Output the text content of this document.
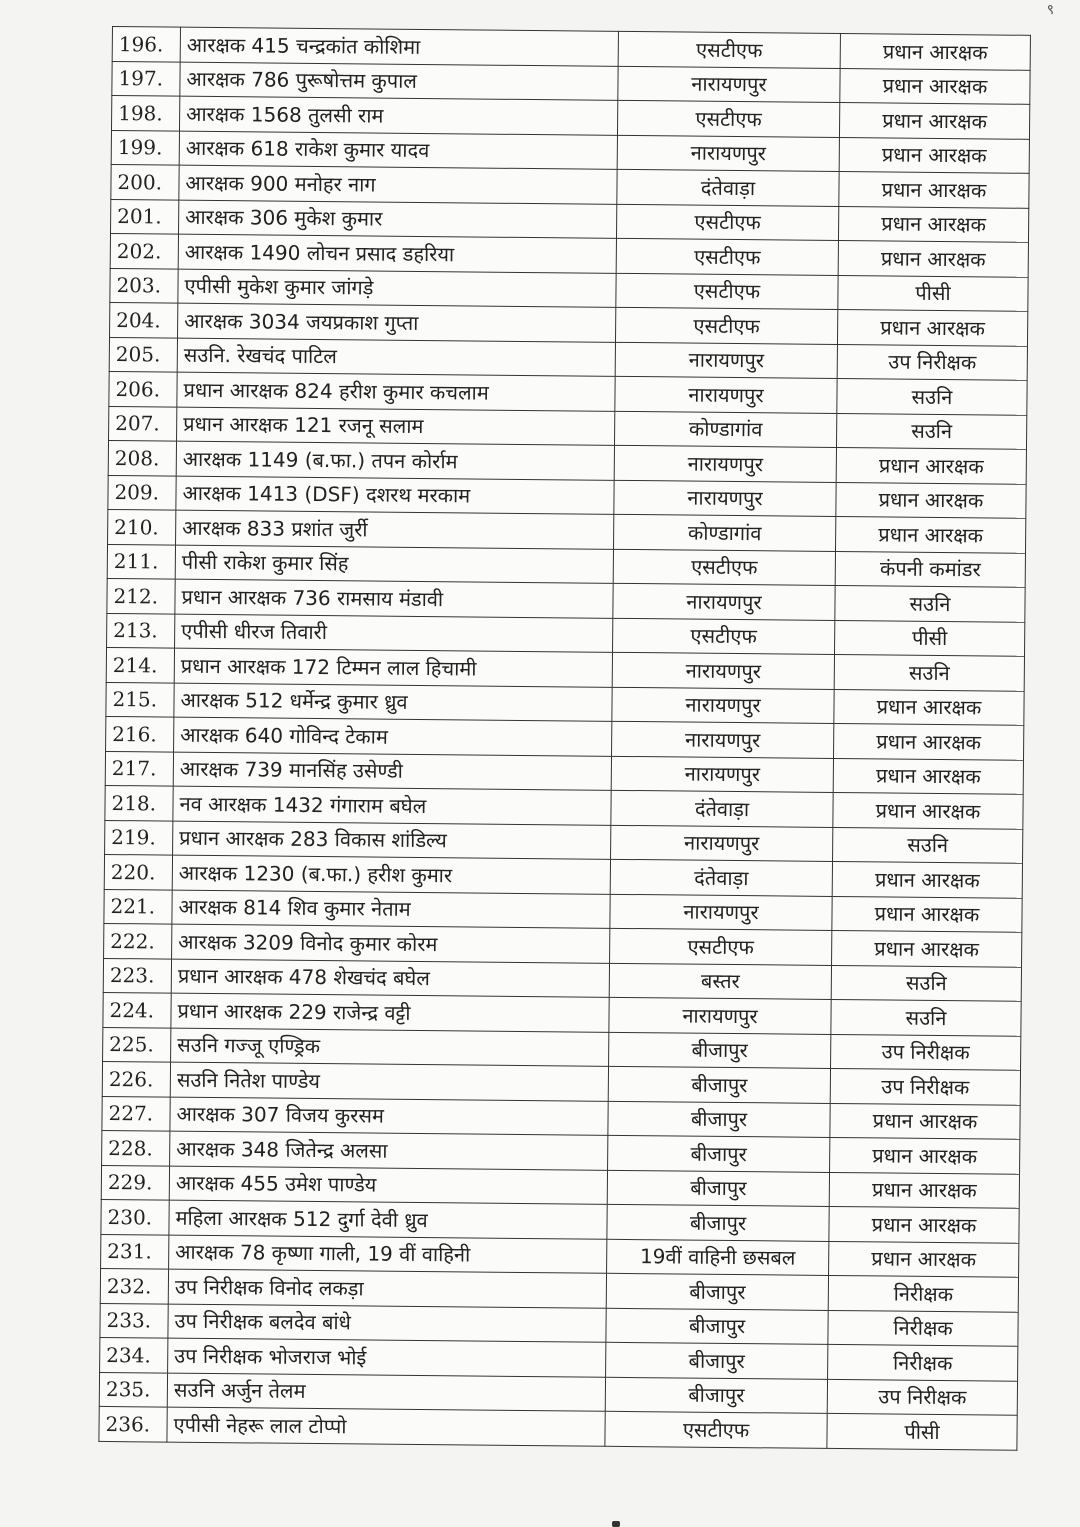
९
196.	आरक्षक 415 चन्द्रकांत कोशिमा	एसटीएफ	प्रधान आरक्षक
197.	आरक्षक 786 पुरूषोत्तम कुपाल	नारायणपुर	प्रधान आरक्षक
198.	आरक्षक 1568 तुलसी राम	एसटीएफ	प्रधान आरक्षक
199.	आरक्षक 618 राकेश कुमार यादव	नारायणपुर	प्रधान आरक्षक
200.	आरक्षक 900 मनोहर नाग	दंतेवाड़ा	प्रधान आरक्षक
201.	आरक्षक 306 मुकेश कुमार	एसटीएफ	प्रधान आरक्षक
202.	आरक्षक 1490 लोचन प्रसाद डहरिया	एसटीएफ	प्रधान आरक्षक
203.	एपीसी मुकेश कुमार जांगड़े	एसटीएफ	पीसी
204.	आरक्षक 3034 जयप्रकाश गुप्ता	एसटीएफ	प्रधान आरक्षक
205.	सउनि. रेखचंद पाटिल	नारायणपुर	उप निरीक्षक
206.	प्रधान आरक्षक 824 हरीश कुमार कचलाम	नारायणपुर	सउनि
207.	प्रधान आरक्षक 121 रजनू सलाम	कोण्डागांव	सउनि
208.	आरक्षक 1149 (ब.फा.) तपन कोर्राम	नारायणपुर	प्रधान आरक्षक
209.	आरक्षक 1413 (DSF) दशरथ मरकाम	नारायणपुर	प्रधान आरक्षक
210.	आरक्षक 833 प्रशांत जुर्री	कोण्डागांव	प्रधान आरक्षक
211.	पीसी राकेश कुमार सिंह	एसटीएफ	कंपनी कमांडर
212.	प्रधान आरक्षक 736 रामसाय मंडावी	नारायणपुर	सउनि
213.	एपीसी धीरज तिवारी	एसटीएफ	पीसी
214.	प्रधान आरक्षक 172 टिम्मन लाल हिचामी	नारायणपुर	सउनि
215.	आरक्षक 512 धर्मेन्द्र कुमार ध्रुव	नारायणपुर	प्रधान आरक्षक
216.	आरक्षक 640 गोविन्द टेकाम	नारायणपुर	प्रधान आरक्षक
217.	आरक्षक 739 मानसिंह उसेण्डी	नारायणपुर	प्रधान आरक्षक
218.	नव आरक्षक 1432 गंगाराम बघेल	दंतेवाड़ा	प्रधान आरक्षक
219.	प्रधान आरक्षक 283 विकास शांडिल्य	नारायणपुर	सउनि
220.	आरक्षक 1230 (ब.फा.) हरीश कुमार	दंतेवाड़ा	प्रधान आरक्षक
221.	आरक्षक 814 शिव कुमार नेताम	नारायणपुर	प्रधान आरक्षक
222.	आरक्षक 3209 विनोद कुमार कोरम	एसटीएफ	प्रधान आरक्षक
223.	प्रधान आरक्षक 478 शेखचंद बघेल	बस्तर	सउनि
224.	प्रधान आरक्षक 229 राजेन्द्र वट्टी	नारायणपुर	सउनि
225.	सउनि गज्जू एण्ड्रिक	बीजापुर	उप निरीक्षक
226.	सउनि नितेश पाण्डेय	बीजापुर	उप निरीक्षक
227.	आरक्षक 307 विजय कुरसम	बीजापुर	प्रधान आरक्षक
228.	आरक्षक 348 जितेन्द्र अलसा	बीजापुर	प्रधान आरक्षक
229.	आरक्षक 455 उमेश पाण्डेय	बीजापुर	प्रधान आरक्षक
230.	महिला आरक्षक 512 दुर्गा देवी ध्रुव	बीजापुर	प्रधान आरक्षक
231.	आरक्षक 78 कृष्णा गाली, 19 वीं वाहिनी	19वीं वाहिनी छसबल	प्रधान आरक्षक
232.	उप निरीक्षक विनोद लकड़ा	बीजापुर	निरीक्षक
233.	उप निरीक्षक बलदेव बांधे	बीजापुर	निरीक्षक
234.	उप निरीक्षक भोजराज भोई	बीजापुर	निरीक्षक
235.	सउनि अर्जुन तेलम	बीजापुर	उप निरीक्षक
236.	एपीसी नेहरू लाल टोप्पो	एसटीएफ	पीसी
